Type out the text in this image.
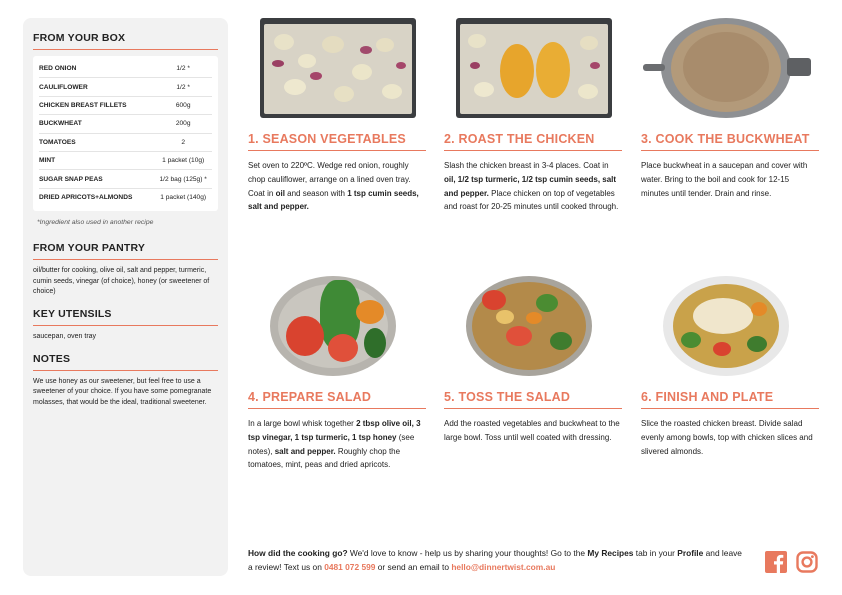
FROM YOUR BOX
RED ONION	1/2 *
CAULIFLOWER	1/2 *
CHICKEN BREAST FILLETS	600g
BUCKWHEAT	200g
TOMATOES	2
MINT	1 packet (10g)
SUGAR SNAP PEAS	1/2 bag (125g) *
DRIED APRICOTS+ALMONDS	1 packet (140g)
*Ingredient also used in another recipe
FROM YOUR PANTRY
oil/butter for cooking, olive oil, salt and pepper, turmeric, cumin seeds, vinegar (of choice), honey (or sweetener of choice)
KEY UTENSILS
saucepan, oven tray
NOTES
We use honey as our sweetener, but feel free to use a sweetener of your choice. If you have some pomegranate molasses, that would be the ideal, traditional sweetener.
1. SEASON VEGETABLES
Set oven to 220ºC. Wedge red onion, roughly chop cauliflower, arrange on a lined oven tray. Coat in oil and season with 1 tsp cumin seeds, salt and pepper.
2. ROAST THE CHICKEN
Slash the chicken breast in 3-4 places. Coat in oil, 1/2 tsp turmeric, 1/2 tsp cumin seeds, salt and pepper. Place chicken on top of vegetables and roast for 20-25 minutes until cooked through.
3. COOK THE BUCKWHEAT
Place buckwheat in a saucepan and cover with water. Bring to the boil and cook for 12-15 minutes until tender. Drain and rinse.
4. PREPARE SALAD
In a large bowl whisk together 2 tbsp olive oil, 3 tsp vinegar, 1 tsp turmeric, 1 tsp honey (see notes), salt and pepper. Roughly chop the tomatoes, mint, peas and dried apricots.
5. TOSS THE SALAD
Add the roasted vegetables and buckwheat to the large bowl. Toss until well coated with dressing.
6. FINISH AND PLATE
Slice the roasted chicken breast. Divide salad evenly among bowls, top with chicken slices and slivered almonds.
How did the cooking go? We'd love to know - help us by sharing your thoughts! Go to the My Recipes tab in your Profile and leave a review! Text us on 0481 072 599 or send an email to hello@dinnertwist.com.au
